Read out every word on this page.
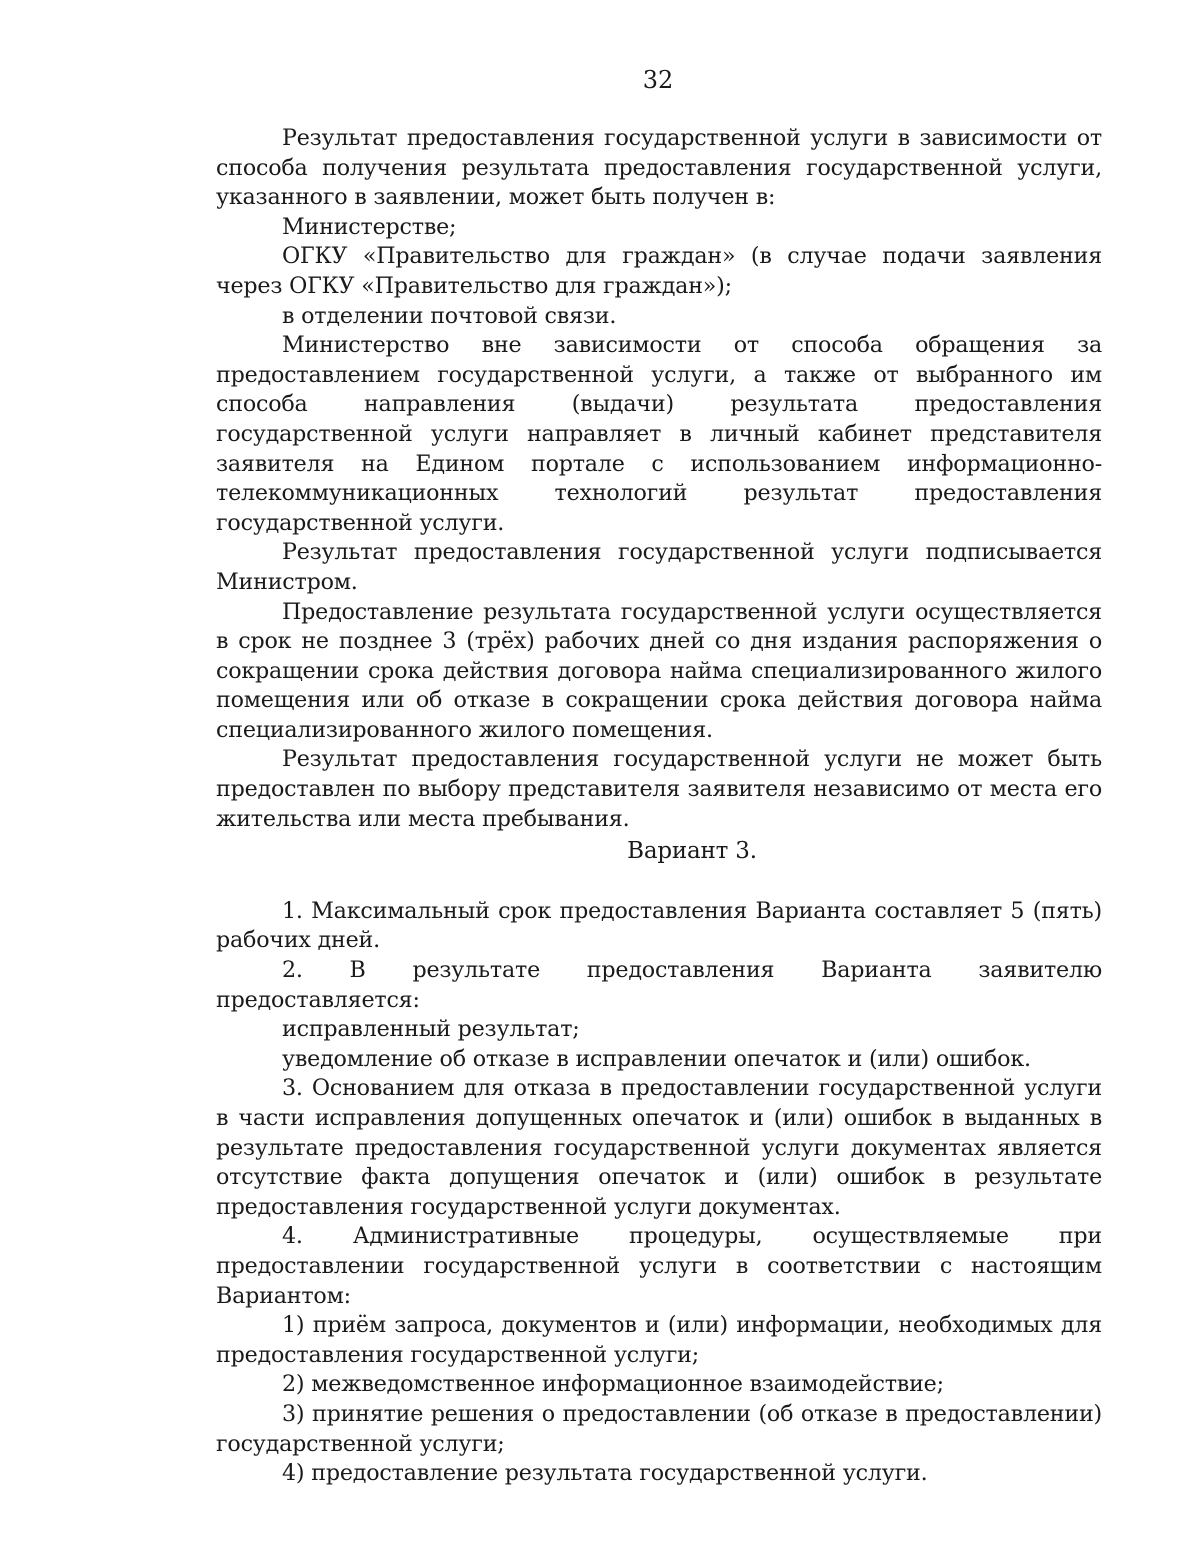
32

Результат предоставления государственной услуги в зависимости от способа получения результата предоставления государственной услуги, указанного в заявлении, может быть получен в:

Министерстве;

ОГКУ «Правительство для граждан» (в случае подачи заявления через ОГКУ «Правительство для граждан»);

в отделении почтовой связи.

Министерство вне зависимости от способа обращения за предоставлением государственной услуги, а также от выбранного им способа направления (выдачи) результата предоставления государственной услуги направляет в личный кабинет представителя заявителя на Едином портале с использованием информационно-телекоммуникационных технологий результат предоставления государственной услуги.

Результат предоставления государственной услуги подписывается Министром.

Предоставление результата государственной услуги осуществляется в срок не позднее 3 (трёх) рабочих дней со дня издания распоряжения о сокращении срока действия договора найма специализированного жилого помещения или об отказе в сокращении срока действия договора найма специализированного жилого помещения.

Результат предоставления государственной услуги не может быть предоставлен по выбору представителя заявителя независимо от места его жительства или места пребывания.

Вариант 3.

1. Максимальный срок предоставления Варианта составляет 5 (пять) рабочих дней.

2. В результате предоставления Варианта заявителю предоставляется:

исправленный результат;

уведомление об отказе в исправлении опечаток и (или) ошибок.

3. Основанием для отказа в предоставлении государственной услуги в части исправления допущенных опечаток и (или) ошибок в выданных в результате предоставления государственной услуги документах является отсутствие факта допущения опечаток и (или) ошибок в результате предоставления государственной услуги документах.

4. Административные процедуры, осуществляемые при предоставлении государственной услуги в соответствии с настоящим Вариантом:

1) приём запроса, документов и (или) информации, необходимых для предоставления государственной услуги;

2) межведомственное информационное взаимодействие;

3) принятие решения о предоставлении (об отказе в предоставлении) государственной услуги;

4) предоставление результата государственной услуги.
